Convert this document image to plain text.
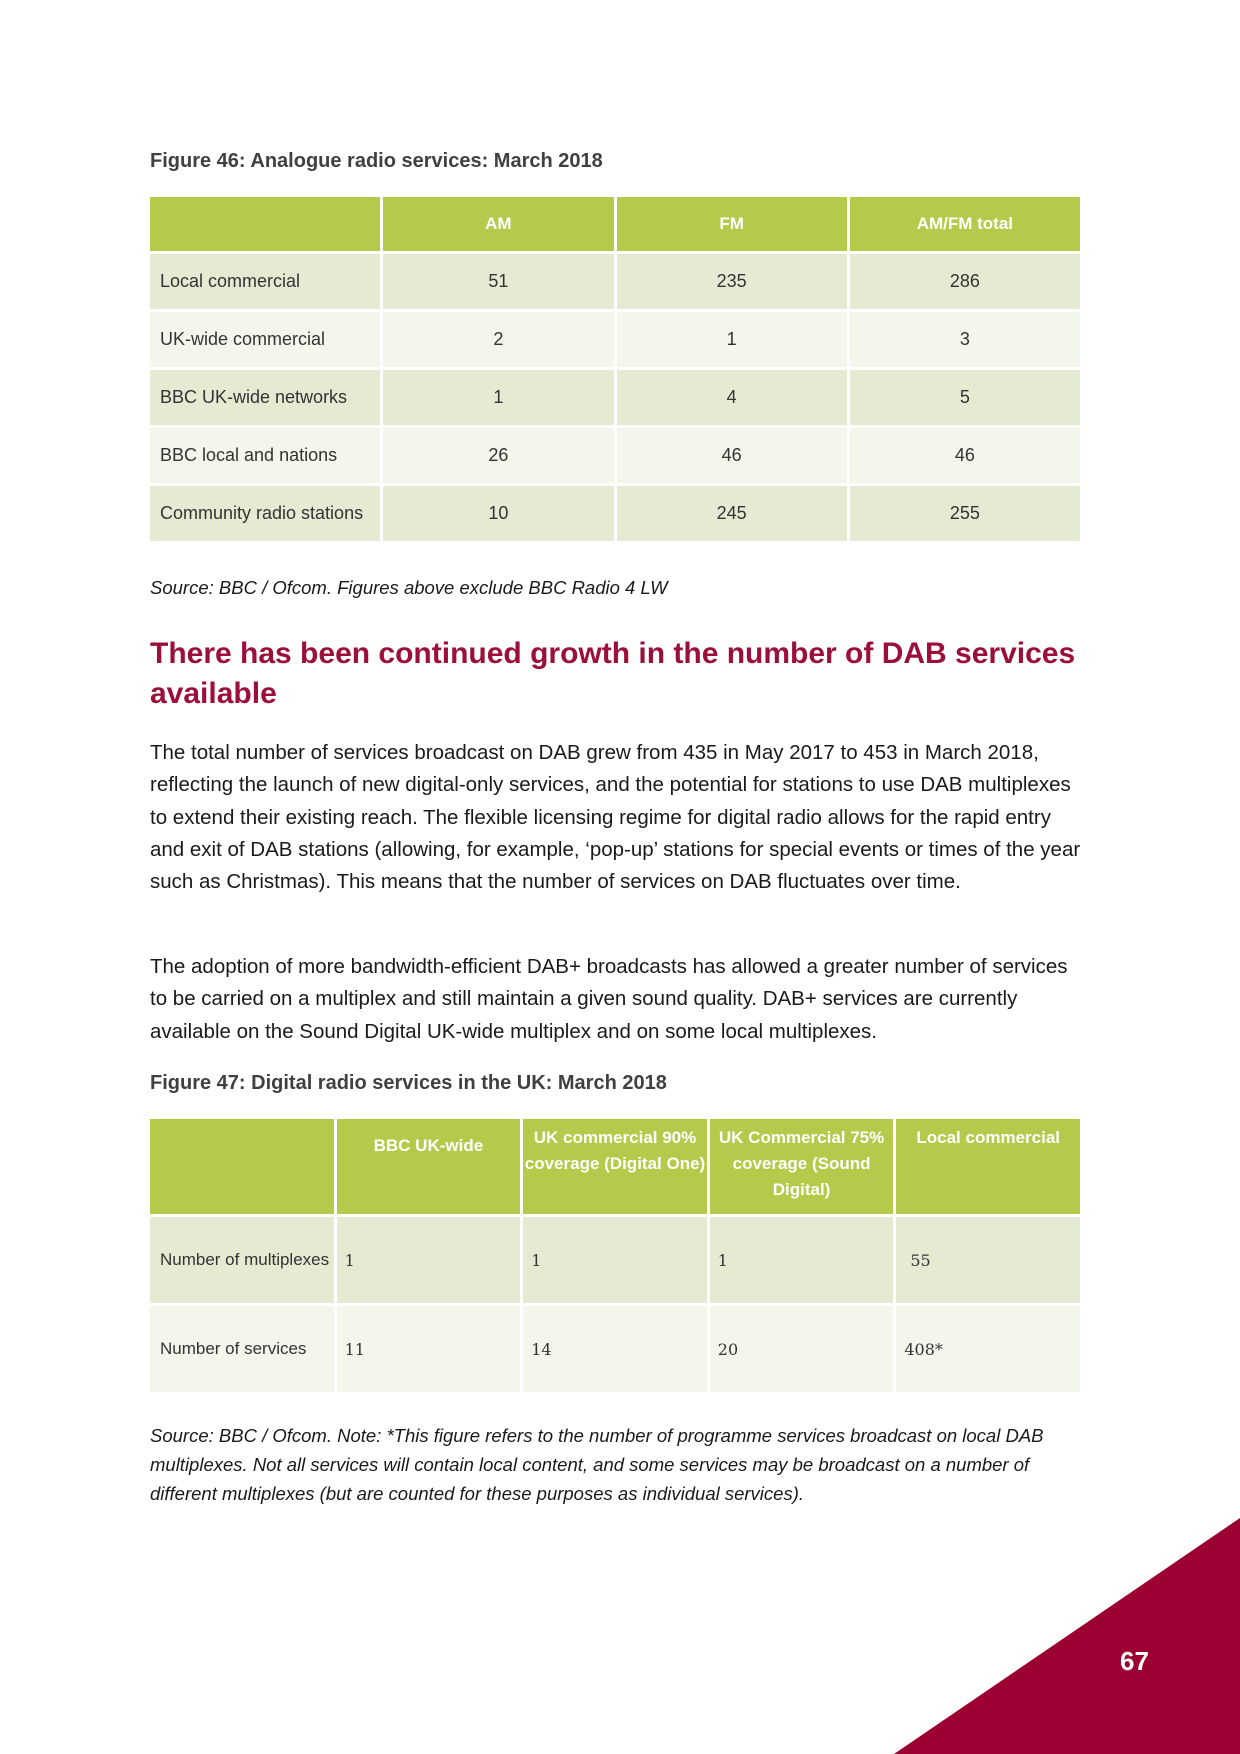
Figure 46: Analogue radio services: March 2018

	AM	FM	AM/FM total
Local commercial	51	235	286
UK-wide commercial	2	1	3
BBC UK-wide networks	1	4	5
BBC local and nations	26	46	46
Community radio stations	10	245	255

Source: BBC / Ofcom. Figures above exclude BBC Radio 4 LW

There has been continued growth in the number of DAB services available

The total number of services broadcast on DAB grew from 435 in May 2017 to 453 in March 2018, reflecting the launch of new digital-only services, and the potential for stations to use DAB multiplexes to extend their existing reach. The flexible licensing regime for digital radio allows for the rapid entry and exit of DAB stations (allowing, for example, ‘pop-up’ stations for special events or times of the year such as Christmas). This means that the number of services on DAB fluctuates over time.

The adoption of more bandwidth-efficient DAB+ broadcasts has allowed a greater number of services to be carried on a multiplex and still maintain a given sound quality. DAB+ services are currently available on the Sound Digital UK-wide multiplex and on some local multiplexes.

Figure 47: Digital radio services in the UK: March 2018

	BBC UK-wide	UK commercial 90% coverage (Digital One)	UK Commercial 75% coverage (Sound Digital)	Local commercial
Number of multiplexes	1	1	1	55
Number of services	11	14	20	408*

Source: BBC / Ofcom. Note: *This figure refers to the number of programme services broadcast on local DAB multiplexes. Not all services will contain local content, and some services may be broadcast on a number of different multiplexes (but are counted for these purposes as individual services).

67
